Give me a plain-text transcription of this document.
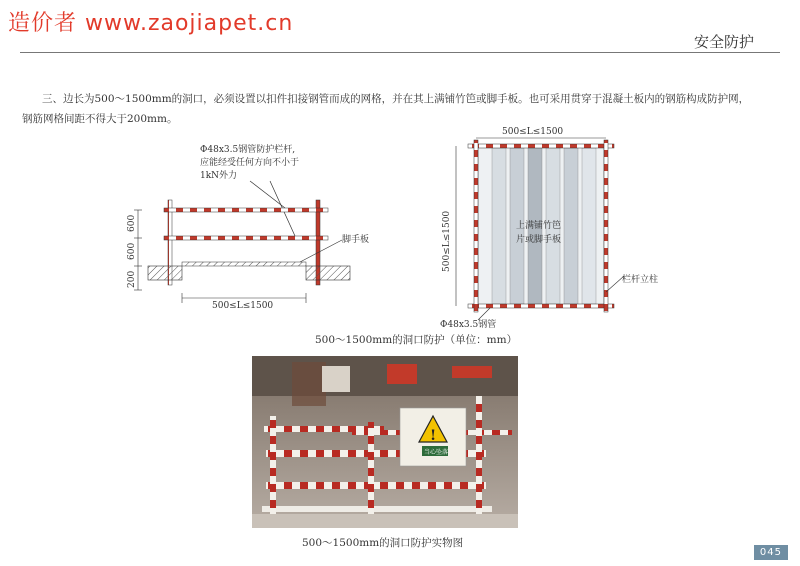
造价者 www.zaojiapet.cn
安全防护
三、边长为500～1500mm的洞口，必须设置以扣件扣接钢管而成的网格，并在其上满铺竹笆或脚手板。也可采用贯穿于混凝土板内的钢筋构成防护网，钢筋网格间距不得大于200mm。
Φ48x3.5钢管防护栏杆,
应能经受任何方向不小于
1kN外力
脚手板
600
600
200
500≤L≤1500
500≤L≤1500
上满铺竹笆
片或脚手板
500≤L≤1500
栏杆立柱
Φ48x3.5钢管
500～1500mm的洞口防护（单位：mm）
!
当心坠落
500～1500mm的洞口防护实物图
045
